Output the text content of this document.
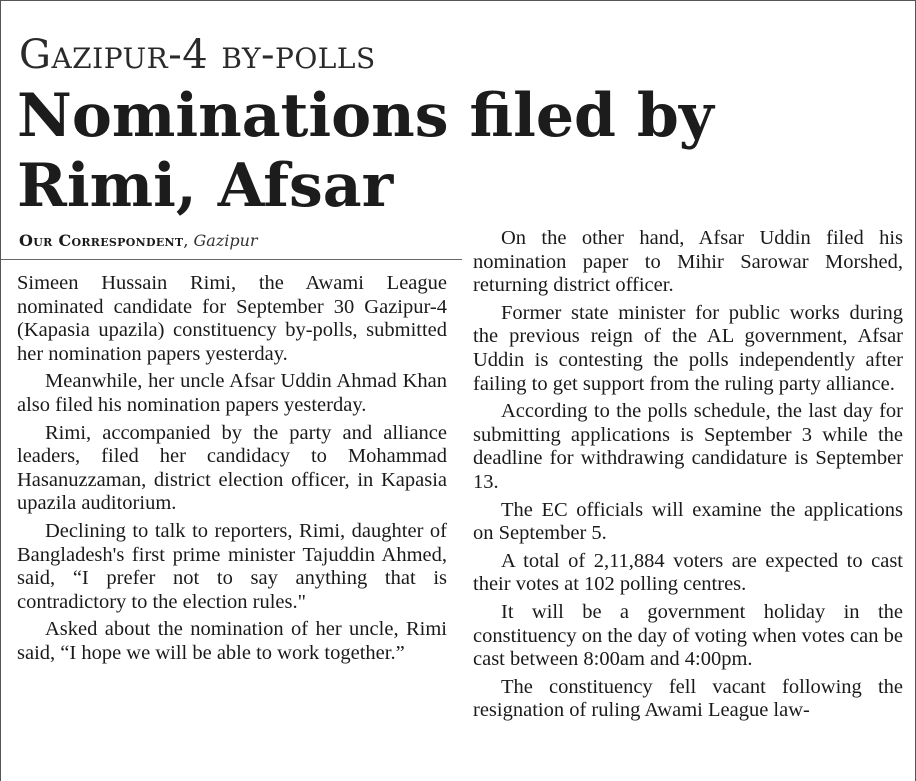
Gazipur-4 by-polls
Nominations filed by Rimi, Afsar
Our Correspondent, Gazipur

Simeen Hussain Rimi, the Awami League nominated candidate for September 30 Gazipur-4 (Kapasia upazila) constituency by-polls, submitted her nomination papers yesterday.

Meanwhile, her uncle Afsar Uddin Ahmad Khan also filed his nomination papers yesterday.

Rimi, accompanied by the party and alliance leaders, filed her candidacy to Mohammad Hasanuzzaman, district election officer, in Kapasia upazila auditorium.

Declining to talk to reporters, Rimi, daughter of Bangladesh's first prime minister Tajuddin Ahmed, said, “I prefer not to say anything that is contradictory to the election rules."

Asked about the nomination of her uncle, Rimi said, “I hope we will be able to work together.”

On the other hand, Afsar Uddin filed his nomination paper to Mihir Sarowar Morshed, returning district officer.

Former state minister for public works during the previous reign of the AL government, Afsar Uddin is contesting the polls independently after failing to get support from the ruling party alliance.

According to the polls schedule, the last day for submitting applications is September 3 while the deadline for withdrawing candidature is September 13.

The EC officials will examine the applications on September 5.

A total of 2,11,884 voters are expected to cast their votes at 102 polling centres.

It will be a government holiday in the constituency on the day of voting when votes can be cast between 8:00am and 4:00pm.

The constituency fell vacant following the resignation of ruling Awami League law-
